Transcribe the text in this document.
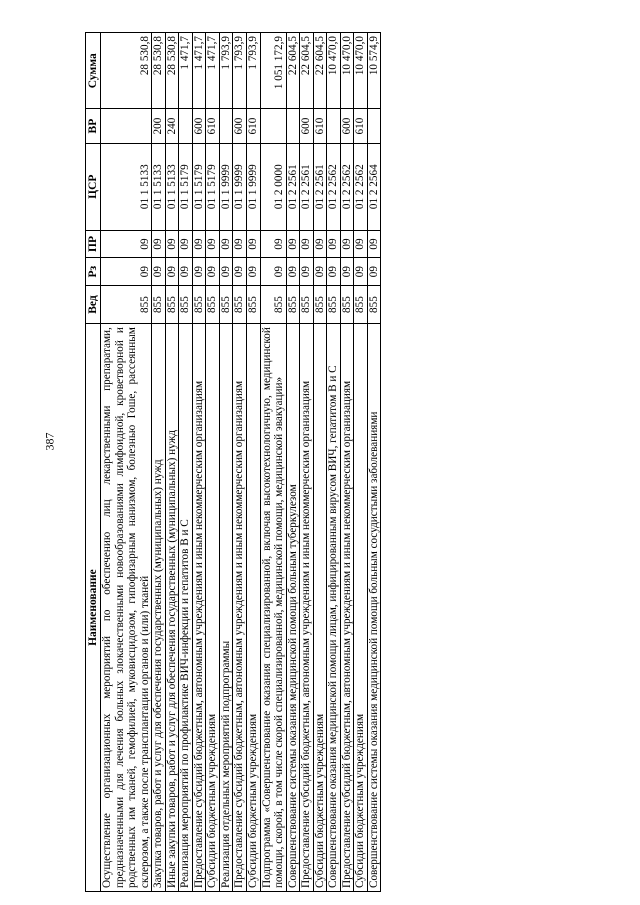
387
Наименование	Вед	Рз	ПР	ЦСР	ВР	Сумма
Осуществление организационных мероприятий по обеспечению лиц лекарственными препаратами, предназначенными для лечения больных злокачественными новообразованиями лимфоидной, кроветворной и родственных им тканей, гемофилией, муковисцидозом, гипофизарным нанизмом, болезнью Гоше, рассеянным склерозом, а также после трансплантации органов и (или) тканей	855	09	09	01 1 5133		28 530,8
Закупка товаров, работ и услуг для обеспечения государственных (муниципальных) нужд	855	09	09	01 1 5133	200	28 530,8
Иные закупки товаров, работ и услуг для обеспечения государственных (муниципальных) нужд	855	09	09	01 1 5133	240	28 530,8
Реализация мероприятий по профилактике ВИЧ-инфекции и гепатитов B и C	855	09	09	01 1 5179		1 471,7
Предоставление субсидий бюджетным, автономным учреждениям и иным некоммерческим организациям	855	09	09	01 1 5179	600	1 471,7
Субсидии бюджетным учреждениям	855	09	09	01 1 5179	610	1 471,7
Реализация отдельных мероприятий подпрограммы	855	09	09	01 1 9999		1 793,9
Предоставление субсидий бюджетным, автономным учреждениям и иным некоммерческим организациям	855	09	09	01 1 9999	600	1 793,9
Субсидии бюджетным учреждениям	855	09	09	01 1 9999	610	1 793,9
Подпрограмма «Совершенствование оказания специализированной, включая высокотехнологичную, медицинской помощи, скорой, в том числе скорой специализированной, медицинской помощи, медицинской эвакуации»	855	09	09	01 2 0000		1 051 172,9
Совершенствование системы оказания медицинской помощи больным туберкулезом	855	09	09	01 2 2561		22 604,5
Предоставление субсидий бюджетным, автономным учреждениям и иным некоммерческим организациям	855	09	09	01 2 2561	600	22 604,5
Субсидии бюджетным учреждениям	855	09	09	01 2 2561	610	22 604,5
Совершенствование оказания медицинской помощи лицам, инфицированным вирусом ВИЧ, гепатитом B и C	855	09	09	01 2 2562		10 470,0
Предоставление субсидий бюджетным, автономным учреждениям и иным некоммерческим организациям	855	09	09	01 2 2562	600	10 470,0
Субсидии бюджетным учреждениям	855	09	09	01 2 2562	610	10 470,0
Совершенствование системы оказания медицинской помощи больным сосудистыми заболеваниями	855	09	09	01 2 2564		10 574,9
